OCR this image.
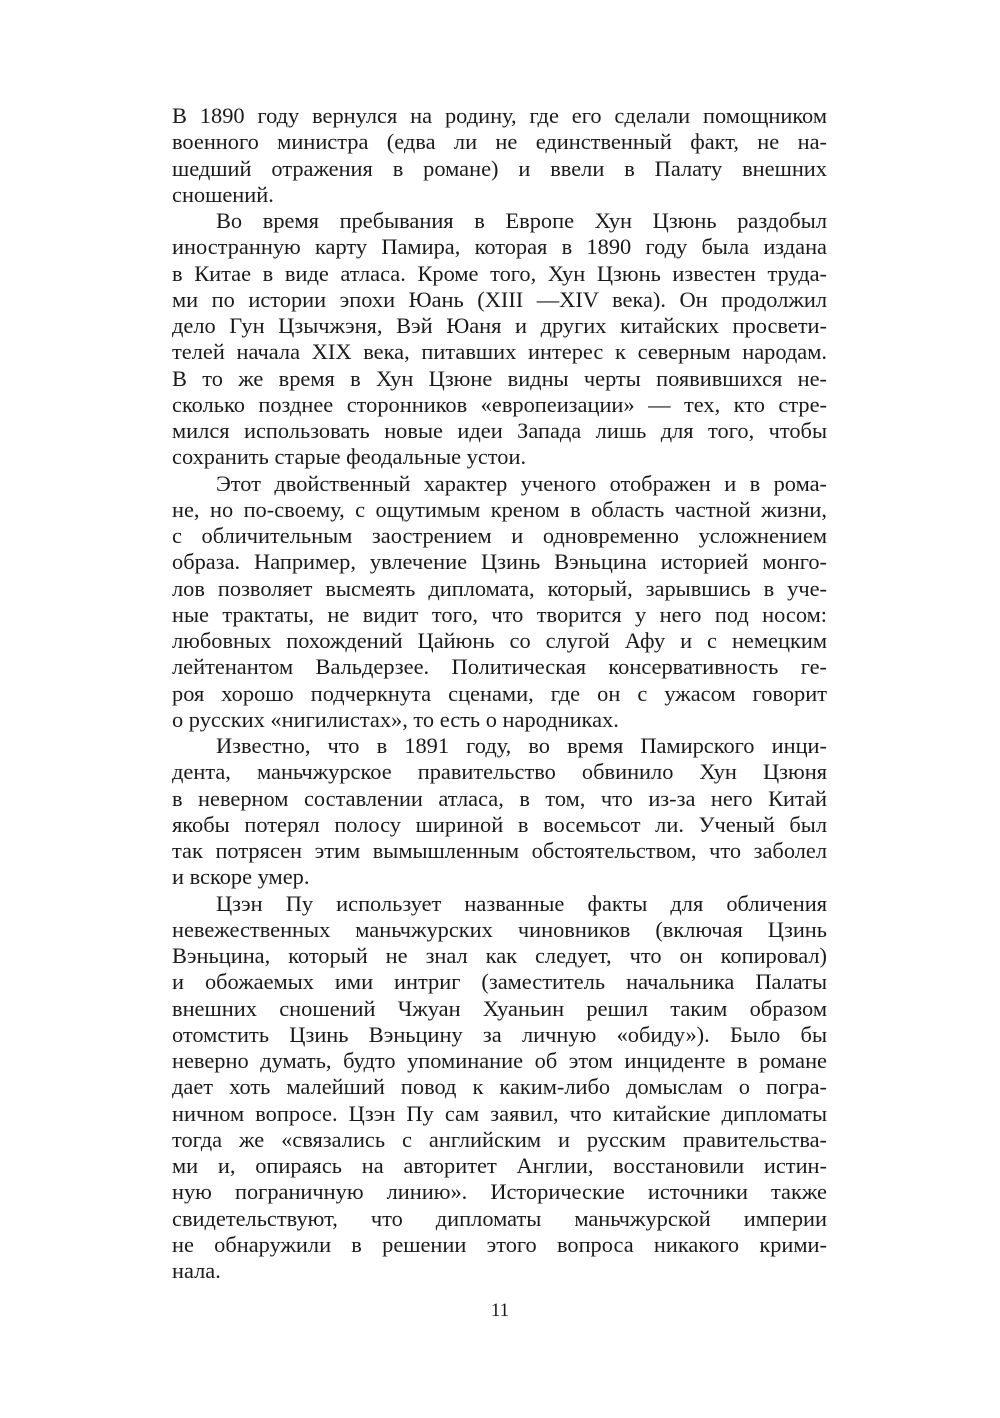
В 1890 году вернулся на родину, где его сделали помощником
военного министра (едва ли не единственный факт, не на-
шедший отражения в романе) и ввели в Палату внешних
сношений.
Во время пребывания в Европе Хун Цзюнь раздобыл
иностранную карту Памира, которая в 1890 году была издана
в Китае в виде атласа. Кроме того, Хун Цзюнь известен труда-
ми по истории эпохи Юань (XIII —XIV века). Он продолжил
дело Гун Цзычжэня, Вэй Юаня и других китайских просвети-
телей начала XIX века, питавших интерес к северным народам.
В то же время в Хун Цзюне видны черты появившихся не-
сколько позднее сторонников «европеизации» — тех, кто стре-
мился использовать новые идеи Запада лишь для того, чтобы
сохранить старые феодальные устои.
Этот двойственный характер ученого отображен и в рома-
не, но по-своему, с ощутимым креном в область частной жизни,
с обличительным заострением и одновременно усложнением
образа. Например, увлечение Цзинь Вэньцина историей монго-
лов позволяет высмеять дипломата, который, зарывшись в уче-
ные трактаты, не видит того, что творится у него под носом:
любовных похождений Цайюнь со слугой Афу и с немецким
лейтенантом Вальдерзее. Политическая консервативность ге-
роя хорошо подчеркнута сценами, где он с ужасом говорит
о русских «нигилистах», то есть о народниках.
Известно, что в 1891 году, во время Памирского инци-
дента, маньчжурское правительство обвинило Хун Цзюня
в неверном составлении атласа, в том, что из-за него Китай
якобы потерял полосу шириной в восемьсот ли. Ученый был
так потрясен этим вымышленным обстоятельством, что заболел
и вскоре умер.
Цзэн Пу использует названные факты для обличения
невежественных маньчжурских чиновников (включая Цзинь
Вэньцина, который не знал как следует, что он копировал)
и обожаемых ими интриг (заместитель начальника Палаты
внешних сношений Чжуан Хуаньин решил таким образом
отомстить Цзинь Вэньцину за личную «обиду»). Было бы
неверно думать, будто упоминание об этом инциденте в романе
дает хоть малейший повод к каким-либо домыслам о погра-
ничном вопросе. Цзэн Пу сам заявил, что китайские дипломаты
тогда же «связались с английским и русским правительства-
ми и, опираясь на авторитет Англии, восстановили истин-
ную пограничную линию». Исторические источники также
свидетельствуют, что дипломаты маньчжурской империи
не обнаружили в решении этого вопроса никакого крими-
нала.
11
